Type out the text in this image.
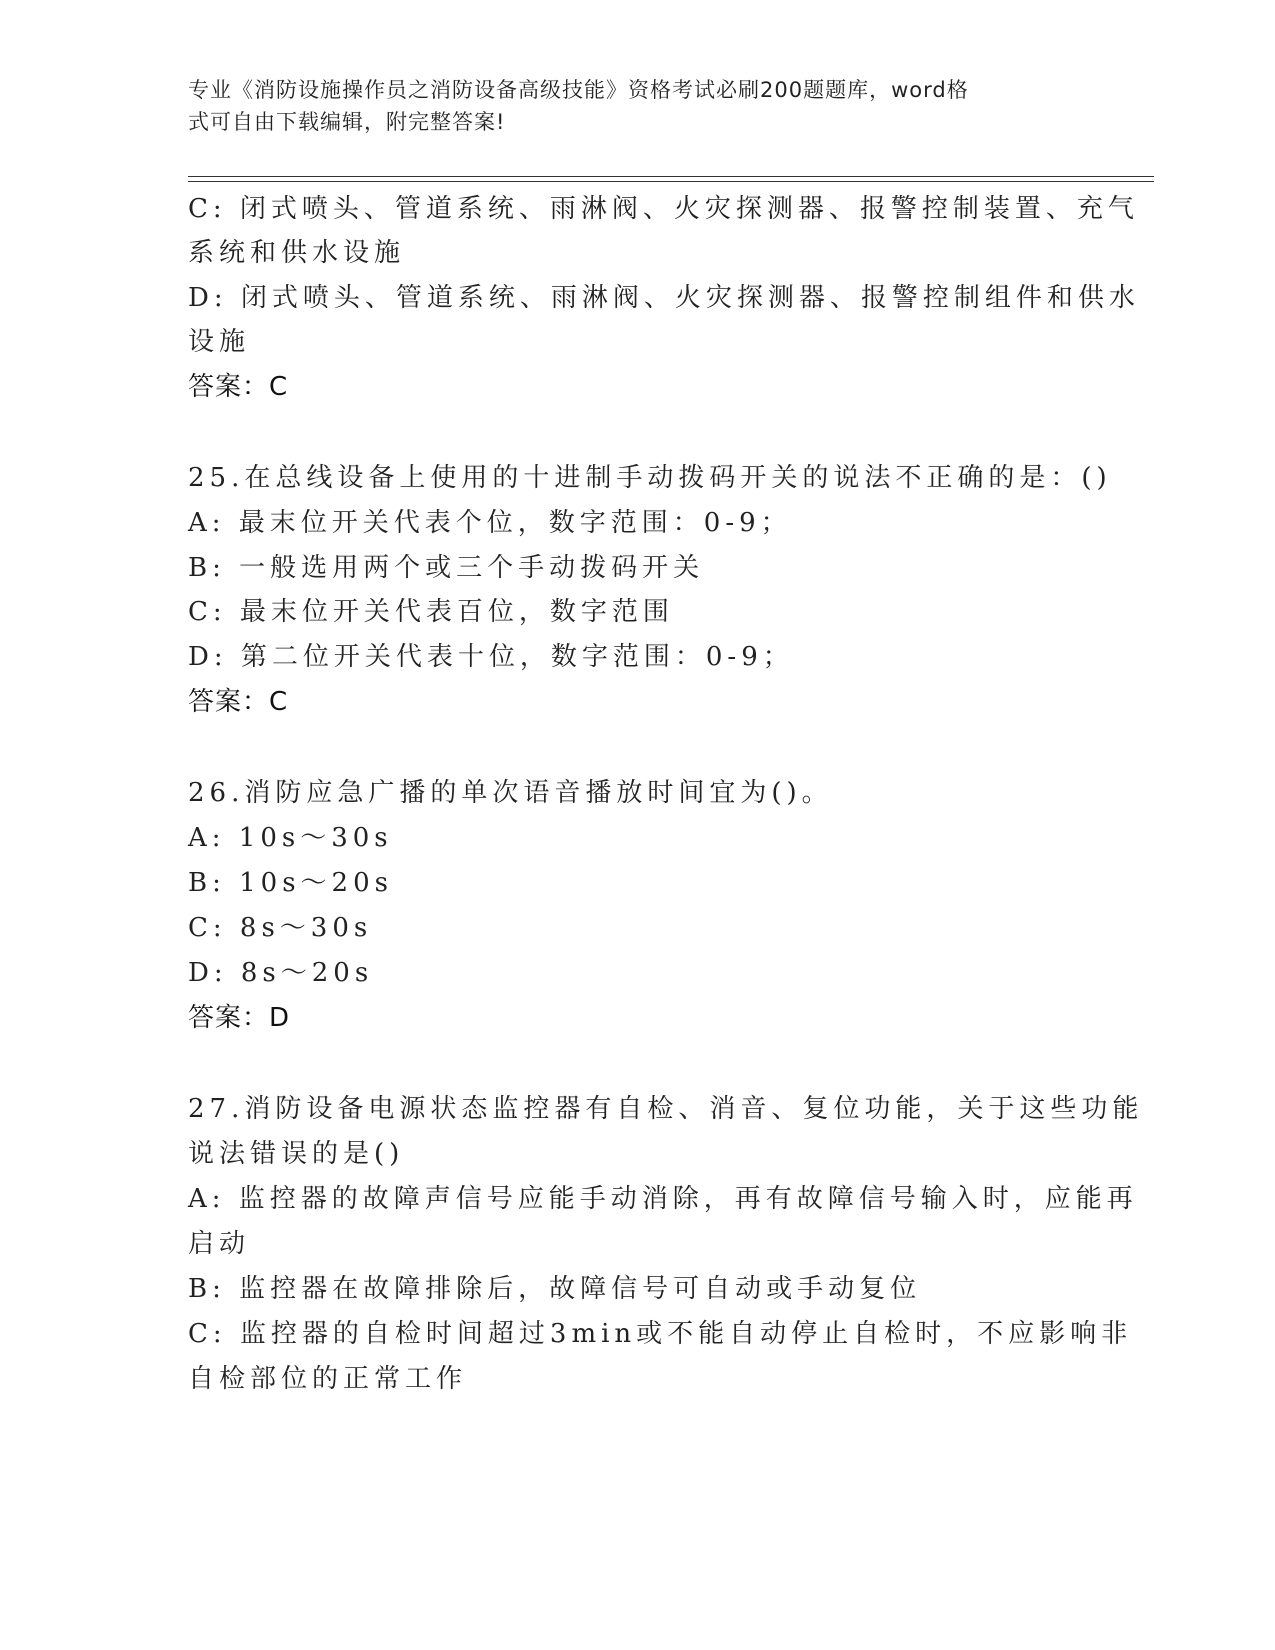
专业《消防设施操作员之消防设备高级技能》资格考试必刷200题题库，word格
式可自由下载编辑，附完整答案!
C: 闭式喷头、管道系统、雨淋阀、火灾探测器、报警控制装置、充气
系统和供水设施
D: 闭式喷头、管道系统、雨淋阀、火灾探测器、报警控制组件和供水
设施
答案：C
25.在总线设备上使用的十进制手动拨码开关的说法不正确的是：()
A: 最末位开关代表个位，数字范围：0-9；
B: 一般选用两个或三个手动拨码开关
C: 最末位开关代表百位，数字范围
D: 第二位开关代表十位，数字范围：0-9；
答案：C
26.消防应急广播的单次语音播放时间宜为()。
A: 10s～30s
B: 10s～20s
C: 8s～30s
D: 8s～20s
答案：D
27.消防设备电源状态监控器有自检、消音、复位功能，关于这些功能
说法错误的是()
A: 监控器的故障声信号应能手动消除，再有故障信号输入时，应能再
启动
B: 监控器在故障排除后，故障信号可自动或手动复位
C: 监控器的自检时间超过3min或不能自动停止自检时，不应影响非
自检部位的正常工作
